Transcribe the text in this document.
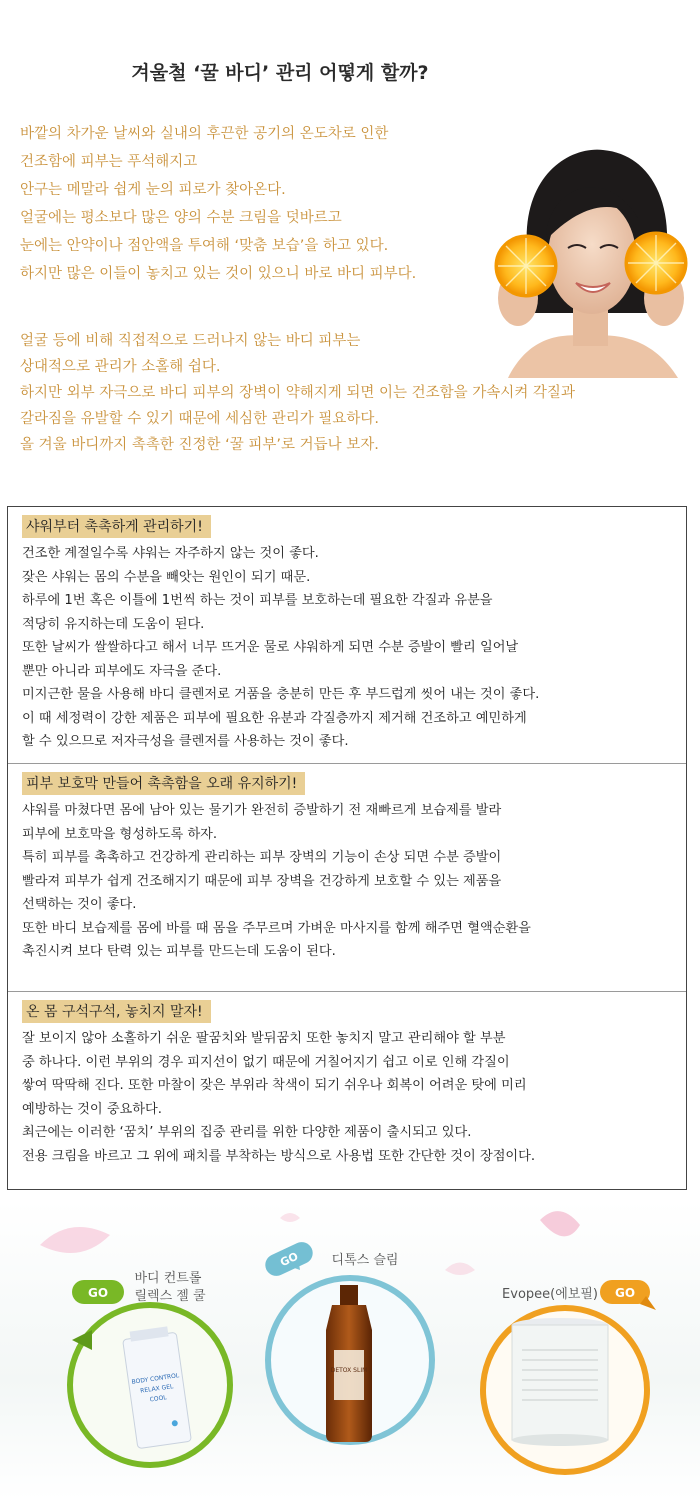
겨울철 ‘꿀 바디’ 관리 어떻게 할까?

바깥의 차가운 날씨와 실내의 후끈한 공기의 온도차로 인한

건조함에 피부는 푸석해지고

안구는 메말라 쉽게 눈의 피로가 찾아온다.

얼굴에는 평소보다 많은 양의 수분 크림을 덧바르고

눈에는 안약이나 점안액을 투여해 ‘맞춤 보습’을 하고 있다.

하지만 많은 이들이 놓치고 있는 것이 있으니 바로 바디 피부다.

얼굴 등에 비해 직접적으로 드러나지 않는 바디 피부는

상대적으로 관리가 소홀해 쉽다.

하지만 외부 자극으로 바디 피부의 장벽이 약해지게 되면 이는 건조함을 가속시켜 각질과

갈라짐을 유발할 수 있기 때문에 세심한 관리가 필요하다.

올 겨울 바디까지 촉촉한 진정한 ‘꿀 피부’로 거듭나 보자.

샤워부터 촉촉하게 관리하기!
건조한 계절일수록 샤워는 자주하지 않는 것이 좋다.
잦은 샤워는 몸의 수분을 빼앗는 원인이 되기 때문.
하루에 1번 혹은 이틀에 1번씩 하는 것이 피부를 보호하는데 필요한 각질과 유분을
적당히 유지하는데 도움이 된다.
또한 날씨가 쌀쌀하다고 해서 너무 뜨거운 물로 샤워하게 되면 수분 증발이 빨리 일어날
뿐만 아니라 피부에도 자극을 준다.
미지근한 물을 사용해 바디 클렌저로 거품을 충분히 만든 후 부드럽게 씻어 내는 것이 좋다.
이 때 세정력이 강한 제품은 피부에 필요한 유분과 각질층까지 제거해 건조하고 예민하게
할 수 있으므로 저자극성을 클렌저를 사용하는 것이 좋다.
피부 보호막 만들어 촉촉함을 오래 유지하기!
샤워를 마쳤다면 몸에 남아 있는 물기가 완전히 증발하기 전 재빠르게 보습제를 발라
피부에 보호막을 형성하도록 하자.
특히 피부를 촉촉하고 건강하게 관리하는 피부 장벽의 기능이 손상 되면 수분 증발이
빨라져 피부가 쉽게 건조해지기 때문에 피부 장벽을 건강하게 보호할 수 있는 제품을
선택하는 것이 좋다.
또한 바디 보습제를 몸에 바를 때 몸을 주무르며 가벼운 마사지를 함께 해주면 혈액순환을
촉진시켜 보다 탄력 있는 피부를 만드는데 도움이 된다.
온 몸 구석구석, 놓치지 말자!
잘 보이지 않아 소홀하기 쉬운 팔꿈치와 발뒤꿈치 또한 놓치지 말고 관리해야 할 부분
중 하나다. 이런 부위의 경우 피지선이 없기 때문에 거칠어지기 쉽고 이로 인해 각질이
쌓여 딱딱해 진다. 또한 마찰이 잦은 부위라 착색이 되기 쉬우나 회복이 어려운 탓에 미리
예방하는 것이 중요하다.
최근에는 이러한 ‘꿈치’ 부위의 집중 관리를 위한 다양한 제품이 출시되고 있다.
전용 크림을 바르고 그 위에 패치를 부착하는 방식으로 사용법 또한 간단한 것이 장점이다.
GO
바디 컨트롤 릴렉스 젤 쿨
BODY CONTROL
RELAX GEL
COOL
GO 디톡스 슬림
DETOX SLIM
GO
Evopee(에보필)
